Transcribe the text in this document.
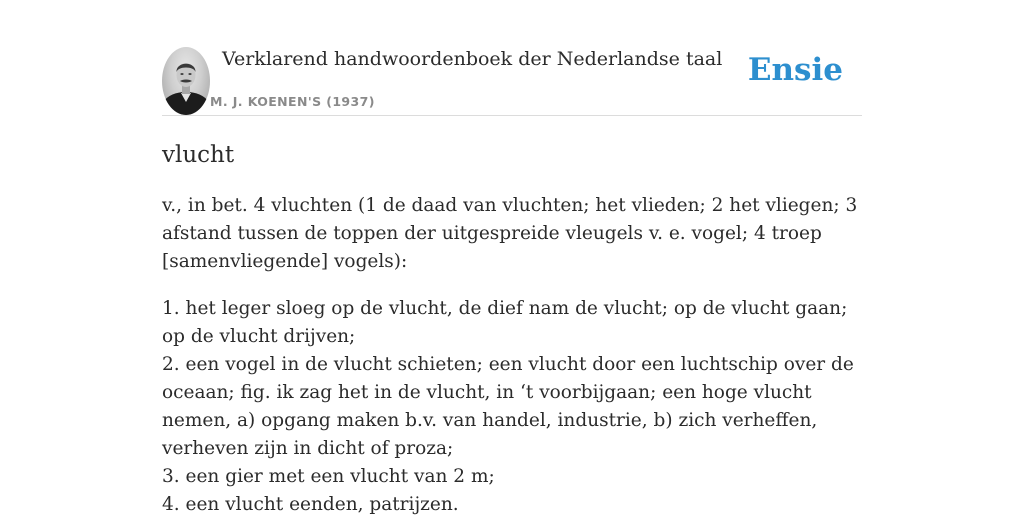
Verklarend handwoordenboek der Nederlandse taal
M. J. KOENEN'S (1937)
Ensie
vlucht

v., in bet. 4 vluchten (1 de daad van vluchten; het vlieden; 2 het vliegen; 3 afstand tussen de toppen der uitgespreide vleugels v. e. vogel; 4 troep [samenvliegende] vogels):

1. het leger sloeg op de vlucht, de dief nam de vlucht; op de vlucht gaan; op de vlucht drijven;
2. een vogel in de vlucht schieten; een vlucht door een luchtschip over de oceaan; fig. ik zag het in de vlucht, in ‘t voorbijgaan; een hoge vlucht nemen, a) opgang maken b.v. van handel, industrie, b) zich verheffen, verheven zijn in dicht of proza;
3. een gier met een vlucht van 2 m;
4. een vlucht eenden, patrijzen.
